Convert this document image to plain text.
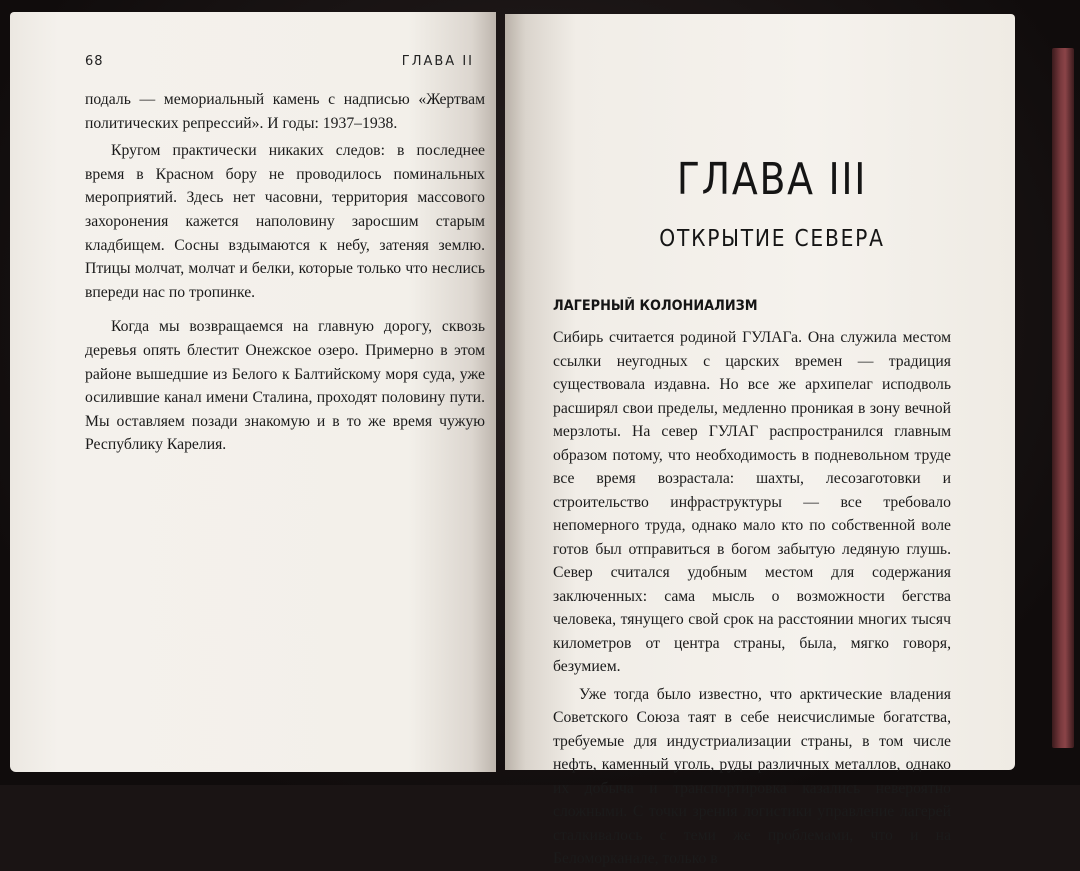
68	ГЛАВА II

подаль — мемориальный камень с надписью «Жертвам политических репрессий». И годы: 1937–1938.

Кругом практически никаких следов: в последнее время в Красном бору не проводилось поминальных мероприятий. Здесь нет часовни, территория массового захоронения кажется наполовину заросшим старым кладбищем. Сосны вздымаются к небу, затеняя землю. Птицы молчат, молчат и белки, которые только что неслись впереди нас по тропинке.

Когда мы возвращаемся на главную дорогу, сквозь деревья опять блестит Онежское озеро. Примерно в этом районе вышедшие из Белого к Балтийскому моря суда, уже осилившие канал имени Сталина, проходят половину пути. Мы оставляем позади знакомую и в то же время чужую Республику Карелия.

ГЛАВА III
ОТКРЫТИЕ СЕВЕРА
ЛАГЕРНЫЙ КОЛОНИАЛИЗМ

Сибирь считается родиной ГУЛАГа. Она служила местом ссылки неугодных с царских времен — традиция существовала издавна. Но все же архипелаг исподволь расширял свои пределы, медленно проникая в зону вечной мерзлоты. На север ГУЛАГ распространился главным образом потому, что необходимость в подневольном труде все время возрастала: шахты, лесозаготовки и строительство инфраструктуры — все требовало непомерного труда, однако мало кто по собственной воле готов был отправиться в богом забытую ледяную глушь. Север считался удобным местом для содержания заключенных: сама мысль о возможности бегства человека, тянущего свой срок на расстоянии многих тысяч километров от центра страны, была, мягко говоря, безумием.

Уже тогда было известно, что арктические владения Советского Союза таят в себе неисчислимые богатства, требуемые для индустриализации страны, в том числе нефть, каменный уголь, руды различных металлов, однако их добыча и транспортировка казались невероятно сложными. С точки зрения логистики управление лагерей сталкивалось с теми же проблемами, что и на Беломорканале, только в
